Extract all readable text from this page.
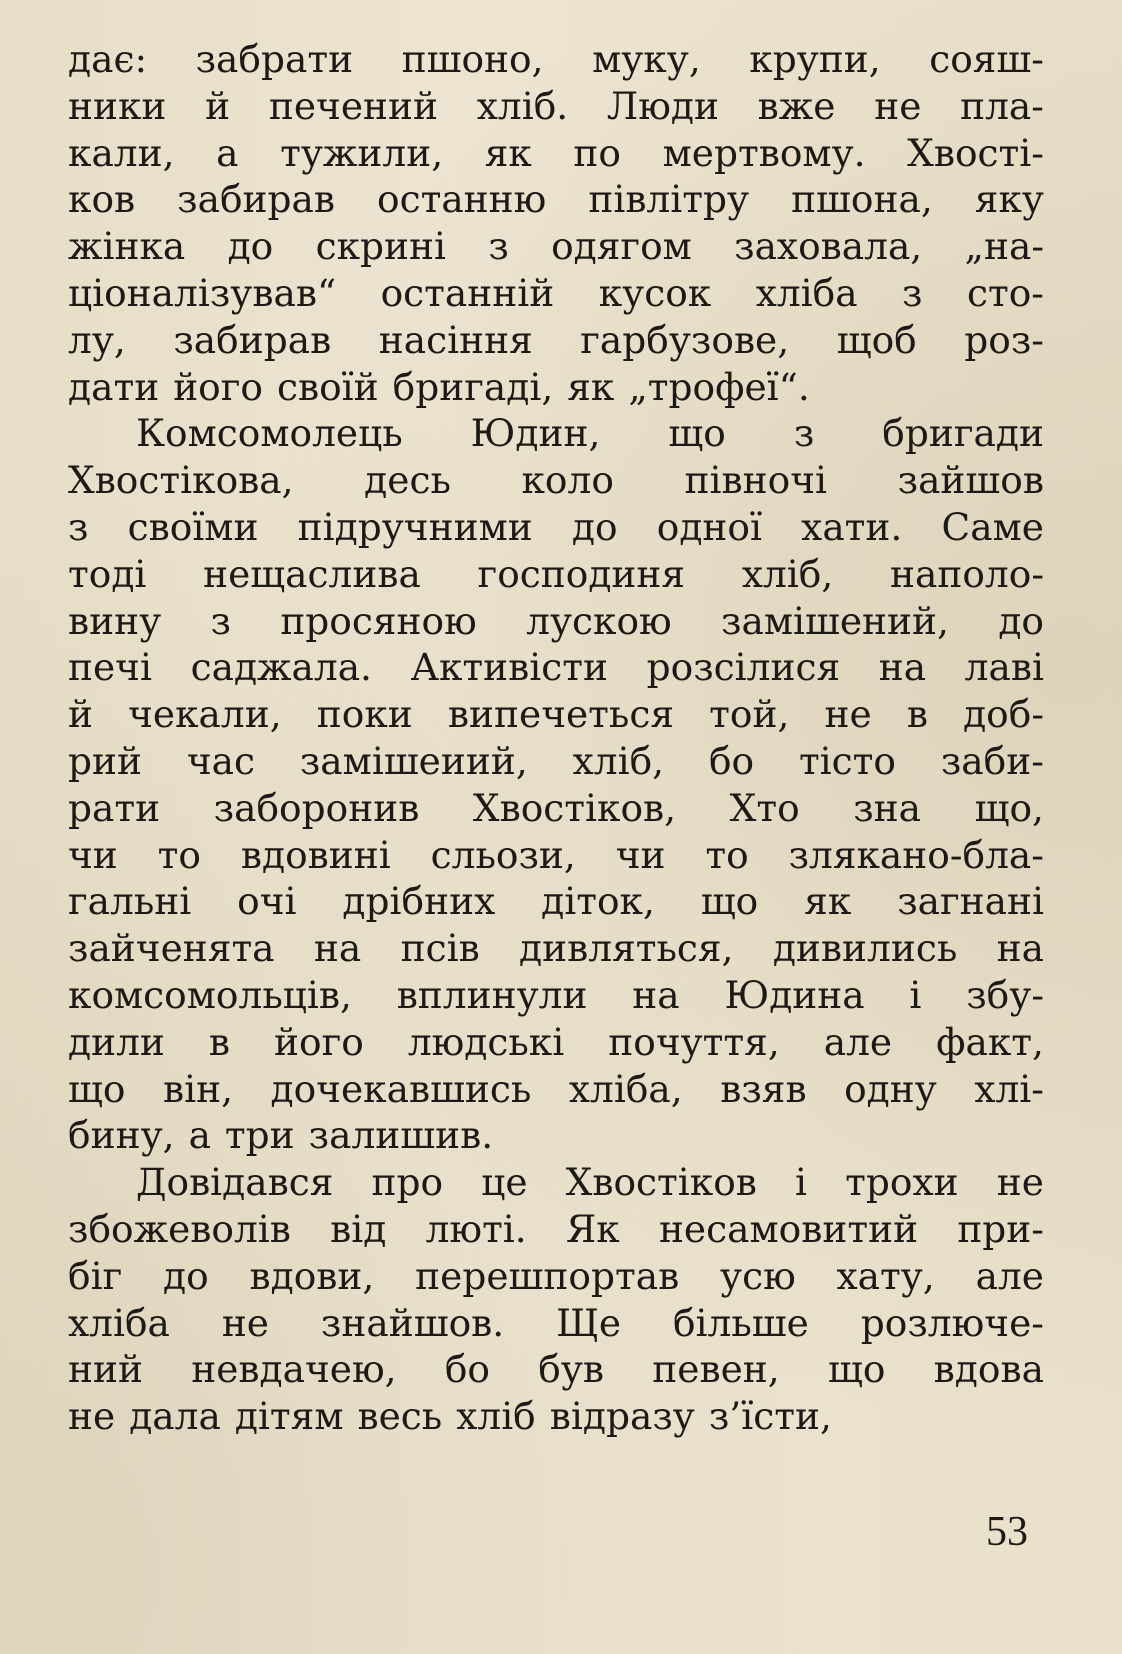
дає: забрати пшоно, муку, крупи, сояш-
ники й печений хліб. Люди вже не пла-
кали, а тужили, як по мертвому. Хвості-
ков забирав останню півлітру пшона, яку
жінка до скрині з одягом заховала, „на-
ціоналізував“ останній кусок хліба з сто-
лу, забирав насіння гарбузове, щоб роз-
дати його своїй бригаді, як „трофеї“.
Комсомолець Юдин, що з бригади
Хвостікова, десь коло півночі зайшов
з своїми підручними до одної хати. Саме
тоді нещаслива господиня хліб, наполо-
вину з просяною лускою замішений, до
печі саджала. Активісти розсілися на лаві
й чекали, поки випечеться той, не в доб-
рий час замішеиий, хліб, бо тісто заби-
рати заборонив Хвостіков, Хто зна що,
чи то вдовині сльози, чи то злякано-бла-
гальні очі дрібних діток, що як загнані
зайченята на псів дивляться, дивились на
комсомольців, вплинули на Юдина і збу-
дили в його людські почуття, але факт,
що він, дочекавшись хліба, взяв одну хлі-
бину, а три залишив.
Довідався про це Хвостіков і трохи не
збожеволів від люті. Як несамовитий при-
біг до вдови, перешпортав усю хату, але
хліба не знайшов. Ще більше розлюче-
ний невдачею, бо був певен, що вдова
не дала дітям весь хліб відразу з’їсти,
53
